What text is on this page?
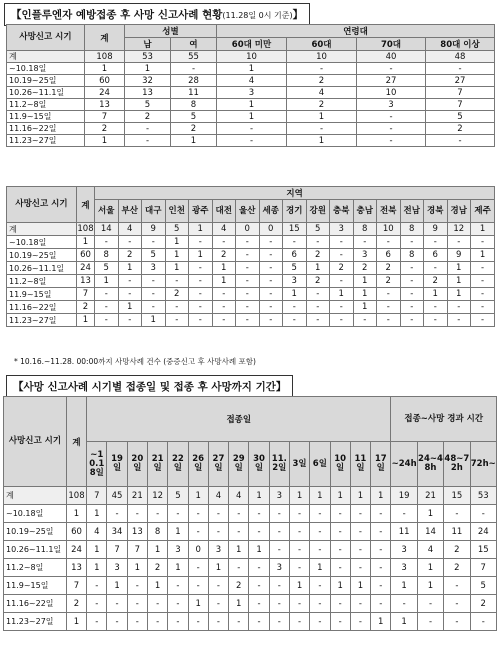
【인플루엔자 예방접종 후 사망 신고사례 현황(11.28일 0시 기준)】
사망신고 시기	계	성별		연령대			
		남	여	60대 미만	60대	70대	80대 이상
계	108	53	55	10	10	40	48
~10.18일	1	1	-	1	-	-	-
10.19~25일	60	32	28	4	2	27	27
10.26~11.1일	24	13	11	3	4	10	7
11.2~8일	13	5	8	1	2	3	7
11.9~15일	7	2	5	1	1	-	5
11.16~22일	2	-	2	-	-	-	2
11.23~27일	1	-	1	-	1	-	-
사망신고 시기	계	지역																
		서울	부산	대구	인천	광주	대전	울산	세종	경기	강원	충북	충남	전북	전남	경북	경남	제주
계	108	14	4	9	5	1	4	0	0	15	5	3	8	10	8	9	12	1
~10.18일	1	-	-	-	1	-	-	-	-	-	-	-	-	-	-	-	-	-
10.19~25일	60	8	2	5	1	1	2	-	-	6	2	-	3	6	8	6	9	1
10.26~11.1일	24	5	1	3	1	-	1	-	-	5	1	2	2	2	-	-	1	-
11.2~8일	13	1	-	-	-	-	1	-	-	3	2	-	1	2	-	2	1	-
11.9~15일	7	-	-	-	2	-	-	-	-	1	-	1	1	-	-	1	1	-
11.16~22일	2	-	1	-	-	-	-	-	-	-	-	-	1	-	-	-	-	-
11.23~27일	1	-	-	1	-	-	-	-	-	-	-	-	-	-	-	-	-	-
* 10.16.~11.28. 00:00까지 사망사례 건수 (중증신고 후 사망사례 포함)
【사망 신고사례 시기별 접종일 및 접종 후 사망까지 기간】
사망신고 시기	계	접종일															접종~사망 경과 시간			
		~10.18일	19일	20일	21일	22일	26일	27일	29일	30일	11.2일	3일	6일	10일	11일	17일	~24h	24~48h	48~72h	72h~
계	108	7	45	21	12	5	1	4	4	1	3	1	1	1	1	1	19	21	15	53
~10.18일	1	1	-	-	-	-	-	-	-	-	-	-	-	-	-	-	-	1	-	-
10.19~25일	60	4	34	13	8	1	-	-	-	-	-	-	-	-	-	-	11	14	11	24
10.26~11.1일	24	1	7	7	1	3	0	3	1	1	-	-	-	-	-	-	3	4	2	15
11.2~8일	13	1	3	1	2	1	-	1	-	-	3	-	1	-	-	-	3	1	2	7
11.9~15일	7	-	1	-	1	-	-	-	2	-	-	1	-	1	1	-	1	1	-	5
11.16~22일	2	-	-	-	-	-	1	-	1	-	-	-	-	-	-	-	-	-	-	2
11.23~27일	1	-	-	-	-	-	-	-	-	-	-	-	-	-	-	1	1	-	-	-
